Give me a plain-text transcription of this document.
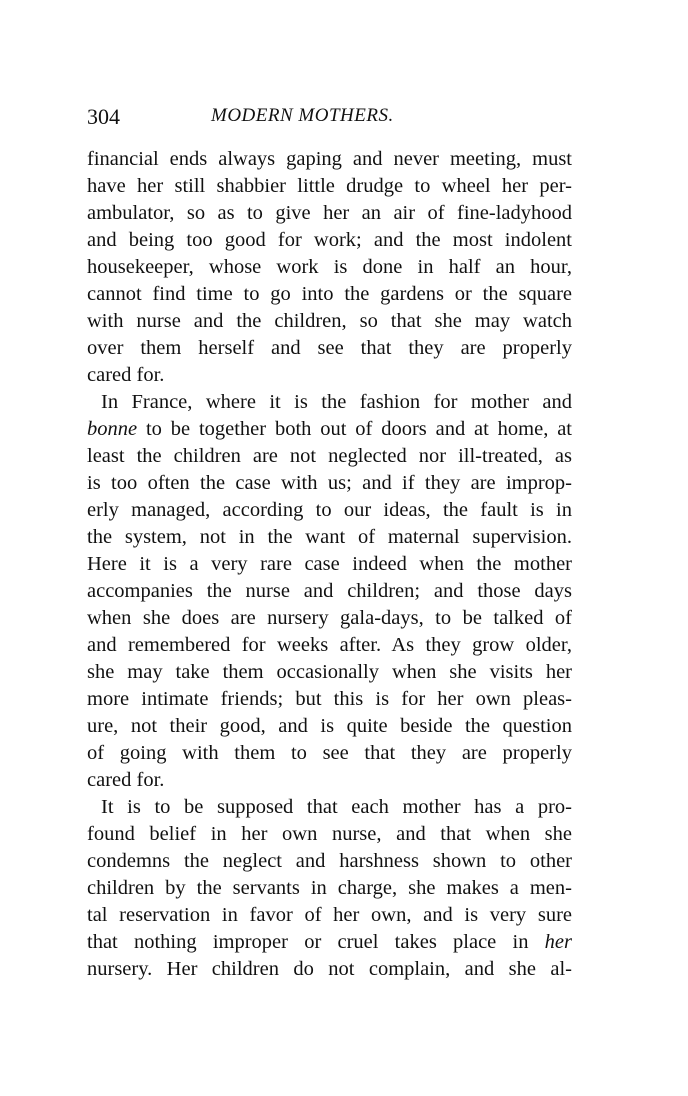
304	MODERN MOTHERS.
financial ends always gaping and never meeting, must
have her still shabbier little drudge to wheel her per-
ambulator, so as to give her an air of fine-ladyhood
and being too good for work; and the most indolent
housekeeper, whose work is done in half an hour,
cannot find time to go into the gardens or the square
with nurse and the children, so that she may watch
over them herself and see that they are properly
cared for.
In France, where it is the fashion for mother and
bonne to be together both out of doors and at home, at
least the children are not neglected nor ill-treated, as
is too often the case with us; and if they are improp-
erly managed, according to our ideas, the fault is in
the system, not in the want of maternal supervision.
Here it is a very rare case indeed when the mother
accompanies the nurse and children; and those days
when she does are nursery gala-days, to be talked of
and remembered for weeks after. As they grow older,
she may take them occasionally when she visits her
more intimate friends; but this is for her own pleas-
ure, not their good, and is quite beside the question
of going with them to see that they are properly
cared for.
It is to be supposed that each mother has a pro-
found belief in her own nurse, and that when she
condemns the neglect and harshness shown to other
children by the servants in charge, she makes a men-
tal reservation in favor of her own, and is very sure
that nothing improper or cruel takes place in her
nursery. Her children do not complain, and she al-
